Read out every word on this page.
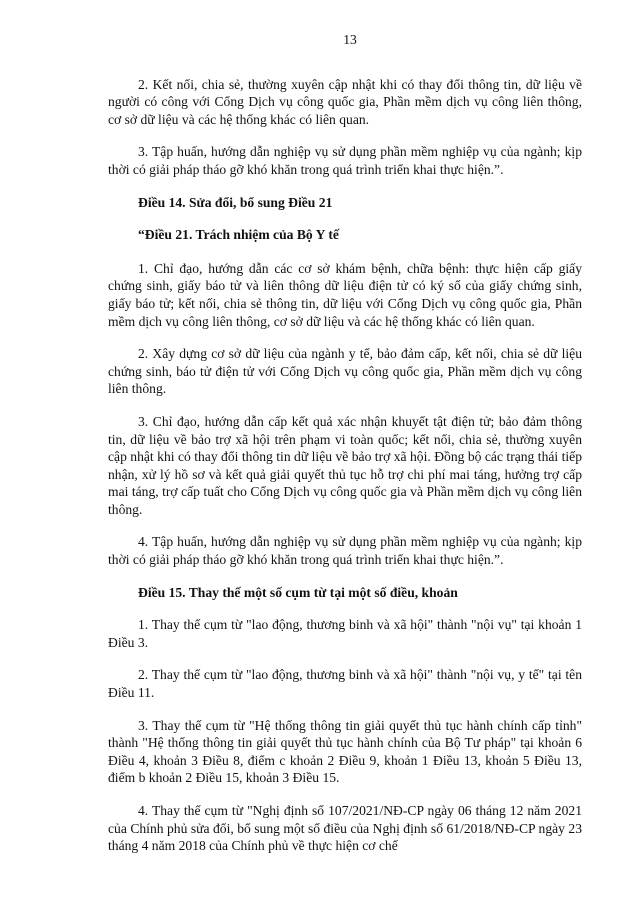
13

2. Kết nối, chia sẻ, thường xuyên cập nhật khi có thay đổi thông tin, dữ liệu về người có công với Cổng Dịch vụ công quốc gia, Phần mềm dịch vụ công liên thông, cơ sở dữ liệu và các hệ thống khác có liên quan.

3. Tập huấn, hướng dẫn nghiệp vụ sử dụng phần mềm nghiệp vụ của ngành; kịp thời có giải pháp tháo gỡ khó khăn trong quá trình triển khai thực hiện.”.

Điều 14. Sửa đổi, bổ sung Điều 21

“Điều 21. Trách nhiệm của Bộ Y tế

1. Chỉ đạo, hướng dẫn các cơ sở khám bệnh, chữa bệnh: thực hiện cấp giấy chứng sinh, giấy báo tử và liên thông dữ liệu điện tử có ký số của giấy chứng sinh, giấy báo tử; kết nối, chia sẻ thông tin, dữ liệu với Cổng Dịch vụ công quốc gia, Phần mềm dịch vụ công liên thông, cơ sở dữ liệu và các hệ thống khác có liên quan.

2. Xây dựng cơ sở dữ liệu của ngành y tế, bảo đảm cấp, kết nối, chia sẻ dữ liệu chứng sinh, báo tử điện tử với Cổng Dịch vụ công quốc gia, Phần mềm dịch vụ công liên thông.

3. Chỉ đạo, hướng dẫn cấp kết quả xác nhận khuyết tật điện tử; bảo đảm thông tin, dữ liệu về bảo trợ xã hội trên phạm vi toàn quốc; kết nối, chia sẻ, thường xuyên cập nhật khi có thay đổi thông tin dữ liệu về bảo trợ xã hội. Đồng bộ các trạng thái tiếp nhận, xử lý hồ sơ và kết quả giải quyết thủ tục hỗ trợ chi phí mai táng, hưởng trợ cấp mai táng, trợ cấp tuất cho Cổng Dịch vụ công quốc gia và Phần mềm dịch vụ công liên thông.

4. Tập huấn, hướng dẫn nghiệp vụ sử dụng phần mềm nghiệp vụ của ngành; kịp thời có giải pháp tháo gỡ khó khăn trong quá trình triển khai thực hiện.”.

Điều 15. Thay thế một số cụm từ tại một số điều, khoản

1. Thay thế cụm từ "lao động, thương binh và xã hội" thành "nội vụ" tại khoản 1 Điều 3.

2. Thay thế cụm từ "lao động, thương binh và xã hội" thành "nội vụ, y tế" tại tên Điều 11.

3. Thay thế cụm từ "Hệ thống thông tin giải quyết thủ tục hành chính cấp tỉnh" thành "Hệ thống thông tin giải quyết thủ tục hành chính của Bộ Tư pháp" tại khoản 6 Điều 4, khoản 3 Điều 8, điểm c khoản 2 Điều 9, khoản 1 Điều 13, khoản 5 Điều 13, điểm b khoản 2 Điều 15, khoản 3 Điều 15.

4. Thay thế cụm từ "Nghị định số 107/2021/NĐ-CP ngày 06 tháng 12 năm 2021 của Chính phủ sửa đổi, bổ sung một số điều của Nghị định số 61/2018/NĐ-CP ngày 23 tháng 4 năm 2018 của Chính phủ về thực hiện cơ chế
